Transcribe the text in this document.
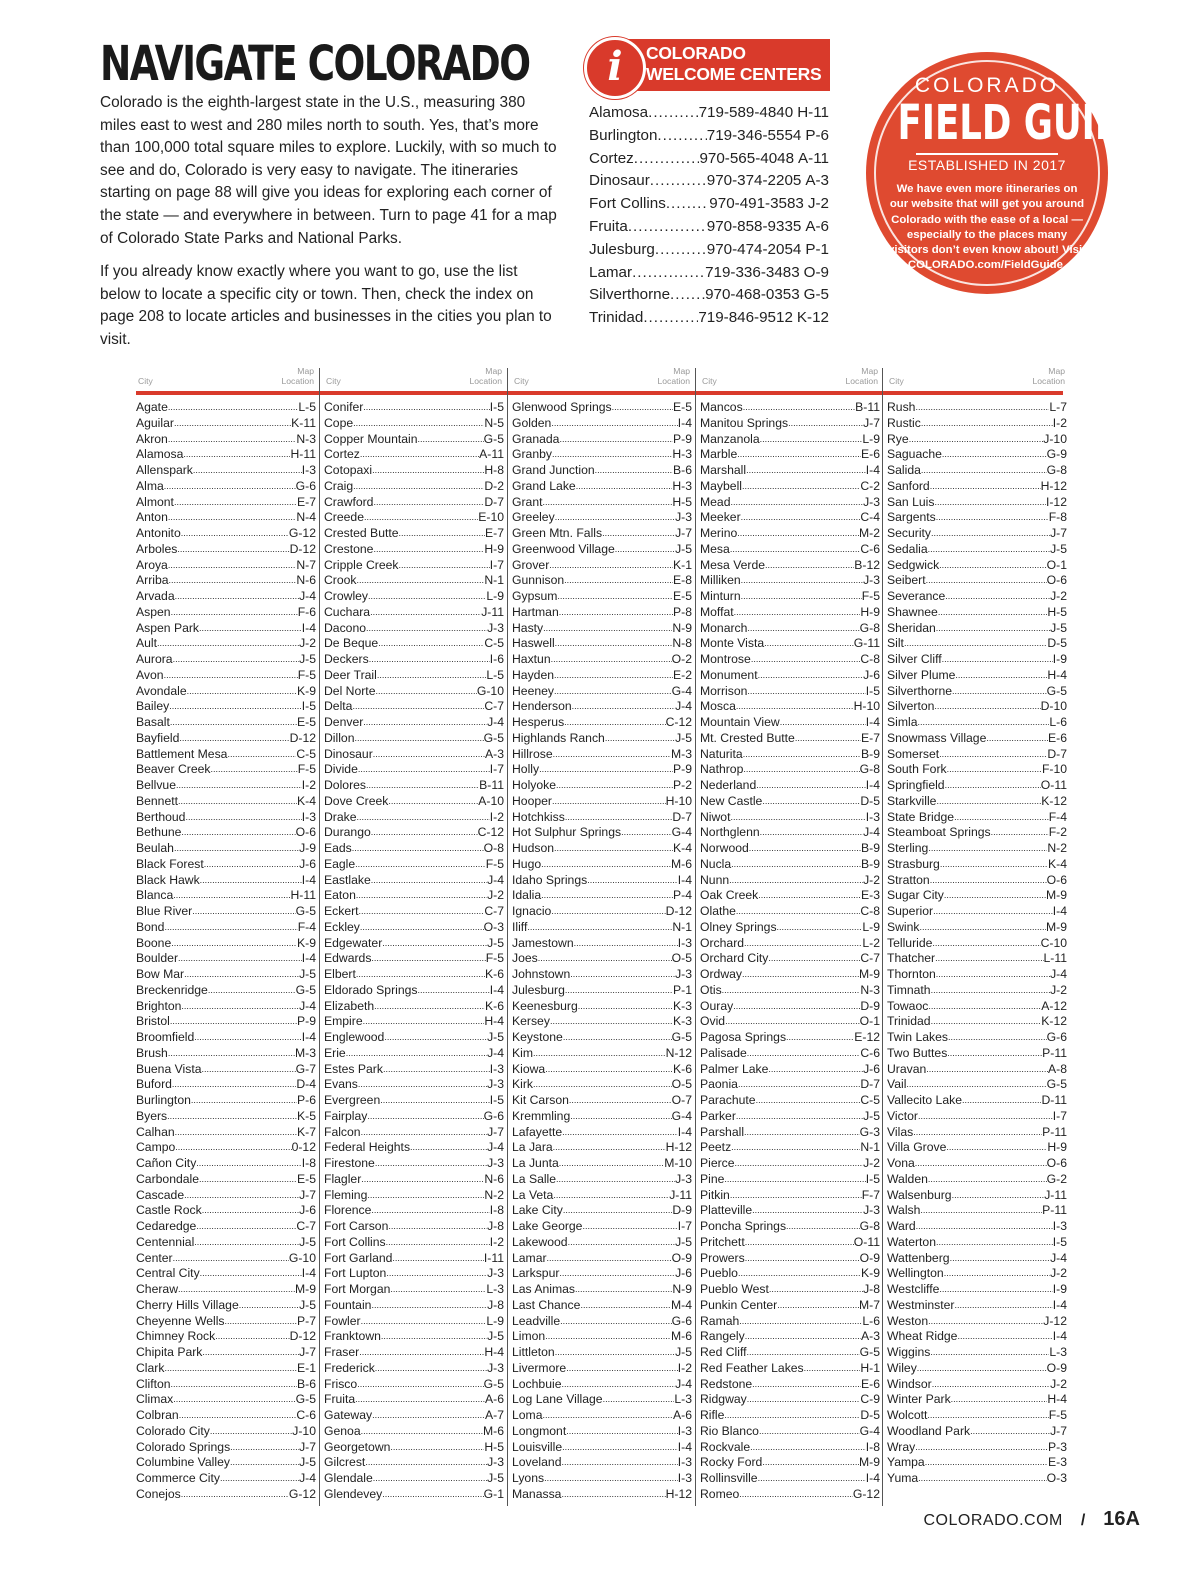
NAVIGATE COLORADO

Colorado is the eighth-largest state in the U.S., measuring 380 miles east to west and 280 miles north to south. Yes, that’s more than 100,000 total square miles to explore. Luckily, with so much to see and do, Colorado is very easy to navigate. The itineraries starting on page 88 will give you ideas for exploring each corner of the state — and everywhere in between. Turn to page 41 for a map of Colorado State Parks and National Parks.

If you already know exactly where you want to go, use the list below to locate a specific city or town. Then, check the index on page 208 to locate articles and businesses in the cities you plan to visit.

i	COLORADO
WELCOME CENTERS
Alamosa .....	719-589-4840 H-11
Burlington .....	719-346-5554 P-6
Cortez .....	970-565-4048 A-11
Dinosaur .....	970-374-2205 A-3
Fort Collins .....	970-491-3583 J-2
Fruita .....	970-858-9335 A-6
Julesburg .....	970-474-2054 P-1
Lamar .....	719-336-3483 O-9
Silverthorne ..... 970-468-0353 G-5
Trinidad .....	719-846-9512 K-12
COLORADO
FIELD GUIDE
ESTABLISHED IN 2017
We have even more itineraries on our website that will get you around Colorado with the ease of a local — especially to the places many visitors don’t even know about! Visit COLORADO.com/FieldGuide.
City
Map
Location
Agate .....	L-5
Aguilar .....	K-11
Akron .....	N-3
Alamosa .....	H-11
Allenspark .....	I-3
Alma .....	G-6
Almont .....	E-7
Anton .....	N-4
Antonito .....	G-12
Arboles .....	D-12
Aroya .....	N-7
Arriba .....	N-6
Arvada .....	J-4
Aspen .....	F-6
Aspen Park .....	I-4
Ault .....	J-2
Aurora .....	J-5
Avon .....	F-5
Avondale .....	K-9
Bailey .....	I-5
Basalt .....	E-5
Bayfield .....	D-12
Battlement Mesa .....	C-5
Beaver Creek .....	F-5
Bellvue .....	I-2
Bennett .....	K-4
Berthoud .....	I-3
Bethune .....	O-6
Beulah .....	J-9
Black Forest .....	J-6
Black Hawk .....	I-4
Blanca .....	H-11
Blue River .....	G-5
Bond .....	F-4
Boone .....	K-9
Boulder .....	I-4
Bow Mar .....	J-5
Breckenridge .....	G-5
Brighton .....	J-4
Bristol .....	P-9
Broomfield .....	I-4
Brush .....	M-3
Buena Vista .....	G-7
Buford .....	D-4
Burlington .....	P-6
Byers .....	K-5
Calhan .....	K-7
Campo .....	0-12
Cañon City .....	I-8
Carbondale .....	E-5
Cascade .....	J-7
Castle Rock .....	J-6
Cedaredge .....	C-7
Centennial .....	J-5
Center .....	G-10
Central City .....	I-4
Cheraw .....	M-9
Cherry Hills Village .....	J-5
Cheyenne Wells .....	P-7
Chimney Rock .....	D-12
Chipita Park .....	J-7
Clark .....	E-1
Clifton .....	B-6
Climax .....	G-5
Colbran .....	C-6
Colorado City .....	J-10
Colorado Springs .....	J-7
Columbine Valley .....	J-5
Commerce City .....	J-4
Conejos .....	G-12
City
Map
Location
Conifer .....	I-5
Cope .....	N-5
Copper Mountain .....	G-5
Cortez .....	A-11
Cotopaxi .....	H-8
Craig .....	D-2
Crawford .....	D-7
Creede .....	E-10
Crested Butte .....	E-7
Crestone .....	H-9
Cripple Creek .....	I-7
Crook .....	N-1
Crowley .....	L-9
Cuchara .....	J-11
Dacono .....	J-3
De Beque .....	C-5
Deckers .....	I-6
Deer Trail .....	L-5
Del Norte .....	G-10
Delta .....	C-7
Denver .....	J-4
Dillon .....	G-5
Dinosaur .....	A-3
Divide .....	I-7
Dolores .....	B-11
Dove Creek .....	A-10
Drake .....	I-2
Durango .....	C-12
Eads .....	O-8
Eagle .....	F-5
Eastlake .....	J-4
Eaton .....	J-2
Eckert .....	C-7
Eckley .....	O-3
Edgewater .....	J-5
Edwards .....	F-5
Elbert .....	K-6
Eldorado Springs .....	I-4
Elizabeth .....	K-6
Empire .....	H-4
Englewood .....	J-5
Erie .....	J-4
Estes Park .....	I-3
Evans .....	J-3
Evergreen .....	I-5
Fairplay .....	G-6
Falcon .....	J-7
Federal Heights .....	J-4
Firestone .....	J-3
Flagler .....	N-6
Fleming .....	N-2
Florence .....	I-8
Fort Carson .....	J-8
Fort Collins .....	I-2
Fort Garland .....	I-11
Fort Lupton .....	J-3
Fort Morgan .....	L-3
Fountain .....	J-8
Fowler .....	L-9
Franktown .....	J-5
Fraser .....	H-4
Frederick .....	J-3
Frisco .....	G-5
Fruita .....	A-6
Gateway .....	A-7
Genoa .....	M-6
Georgetown .....	H-5
Gilcrest .....	J-3
Glendale .....	J-5
Glendevey .....	G-1
City
Map
Location
Glenwood Springs .....	E-5
Golden .....	I-4
Granada .....	P-9
Granby .....	H-3
Grand Junction .....	B-6
Grand Lake .....	H-3
Grant .....	H-5
Greeley .....	J-3
Green Mtn. Falls .....	J-7
Greenwood Village .....	J-5
Grover .....	K-1
Gunnison .....	E-8
Gypsum .....	E-5
Hartman .....	P-8
Hasty .....	N-9
Haswell .....	N-8
Haxtun .....	O-2
Hayden .....	E-2
Heeney .....	G-4
Henderson .....	J-4
Hesperus .....	C-12
Highlands Ranch .....	J-5
Hillrose .....	M-3
Holly .....	P-9
Holyoke .....	P-2
Hooper .....	H-10
Hotchkiss .....	D-7
Hot Sulphur Springs .....	G-4
Hudson .....	K-4
Hugo .....	M-6
Idaho Springs .....	I-4
Idalia .....	P-4
Ignacio .....	D-12
Iliff .....	N-1
Jamestown .....	I-3
Joes .....	O-5
Johnstown .....	J-3
Julesburg .....	P-1
Keenesburg .....	K-3
Kersey .....	K-3
Keystone .....	G-5
Kim .....	N-12
Kiowa .....	K-6
Kirk .....	O-5
Kit Carson .....	O-7
Kremmling .....	G-4
Lafayette .....	I-4
La Jara .....	H-12
La Junta .....	M-10
La Salle .....	J-3
La Veta .....	J-11
Lake City .....	D-9
Lake George .....	I-7
Lakewood .....	J-5
Lamar .....	O-9
Larkspur .....	J-6
Las Animas .....	N-9
Last Chance .....	M-4
Leadville .....	G-6
Limon .....	M-6
Littleton .....	J-5
Livermore .....	I-2
Lochbuie .....	J-4
Log Lane Village .....	L-3
Loma .....	A-6
Longmont .....	I-3
Louisville .....	I-4
Loveland .....	I-3
Lyons .....	I-3
Manassa .....	H-12
City
Map
Location
Mancos .....	B-11
Manitou Springs .....	J-7
Manzanola .....	L-9
Marble .....	E-6
Marshall .....	I-4
Maybell .....	C-2
Mead .....	J-3
Meeker .....	C-4
Merino .....	M-2
Mesa .....	C-6
Mesa Verde .....	B-12
Milliken .....	J-3
Minturn .....	F-5
Moffat .....	H-9
Monarch .....	G-8
Monte Vista .....	G-11
Montrose .....	C-8
Monument .....	J-6
Morrison .....	I-5
Mosca .....	H-10
Mountain View .....	I-4
Mt. Crested Butte .....	E-7
Naturita .....	B-9
Nathrop .....	G-8
Nederland .....	I-4
New Castle .....	D-5
Niwot .....	I-3
Northglenn .....	J-4
Norwood .....	B-9
Nucla .....	B-9
Nunn .....	J-2
Oak Creek .....	E-3
Olathe .....	C-8
Olney Springs .....	L-9
Orchard .....	L-2
Orchard City .....	C-7
Ordway .....	M-9
Otis .....	N-3
Ouray .....	D-9
Ovid .....	O-1
Pagosa Springs .....	E-12
Palisade .....	C-6
Palmer Lake .....	J-6
Paonia .....	D-7
Parachute .....	C-5
Parker .....	J-5
Parshall .....	G-3
Peetz .....	N-1
Pierce .....	J-2
Pine .....	I-5
Pitkin .....	F-7
Platteville .....	J-3
Poncha Springs .....	G-8
Pritchett .....	O-11
Prowers .....	O-9
Pueblo .....	K-9
Pueblo West .....	J-8
Punkin Center .....	M-7
Ramah .....	L-6
Rangely .....	A-3
Red Cliff .....	G-5
Red Feather Lakes .....	H-1
Redstone .....	E-6
Ridgway .....	C-9
Rifle .....	D-5
Rio Blanco .....	G-4
Rockvale .....	I-8
Rocky Ford .....	M-9
Rollinsville .....	I-4
Romeo .....	G-12
City
Map
Location
Rush .....	L-7
Rustic .....	I-2
Rye .....	J-10
Saguache .....	G-9
Salida .....	G-8
Sanford .....	H-12
San Luis .....	I-12
Sargents .....	F-8
Security .....	J-7
Sedalia .....	J-5
Sedgwick .....	O-1
Seibert .....	O-6
Severance .....	J-2
Shawnee .....	H-5
Sheridan .....	J-5
Silt .....	D-5
Silver Cliff .....	I-9
Silver Plume .....	H-4
Silverthorne .....	G-5
Silverton .....	D-10
Simla .....	L-6
Snowmass Village .....	E-6
Somerset .....	D-7
South Fork .....	F-10
Springfield .....	O-11
Starkville .....	K-12
State Bridge .....	F-4
Steamboat Springs .....	F-2
Sterling .....	N-2
Strasburg .....	K-4
Stratton .....	O-6
Sugar City .....	M-9
Superior .....	I-4
Swink .....	M-9
Telluride .....	C-10
Thatcher .....	L-11
Thornton .....	J-4
Timnath .....	J-2
Towaoc .....	A-12
Trinidad .....	K-12
Twin Lakes .....	G-6
Two Buttes .....	P-11
Uravan .....	A-8
Vail .....	G-5
Vallecito Lake .....	D-11
Victor .....	I-7
Vilas .....	P-11
Villa Grove .....	H-9
Vona .....	O-6
Walden .....	G-2
Walsenburg .....	J-11
Walsh .....	P-11
Ward .....	I-3
Waterton .....	I-5
Wattenberg .....	J-4
Wellington .....	J-2
Westcliffe .....	I-9
Westminster .....	I-4
Weston .....	J-12
Wheat Ridge .....	I-4
Wiggins .....	L-3
Wiley .....	O-9
Windsor .....	J-2
Winter Park .....	H-4
Wolcott .....	F-5
Woodland Park .....	J-7
Wray .....	P-3
Yampa .....	E-3
Yuma .....	O-3
COLORADO.COM / 16A
